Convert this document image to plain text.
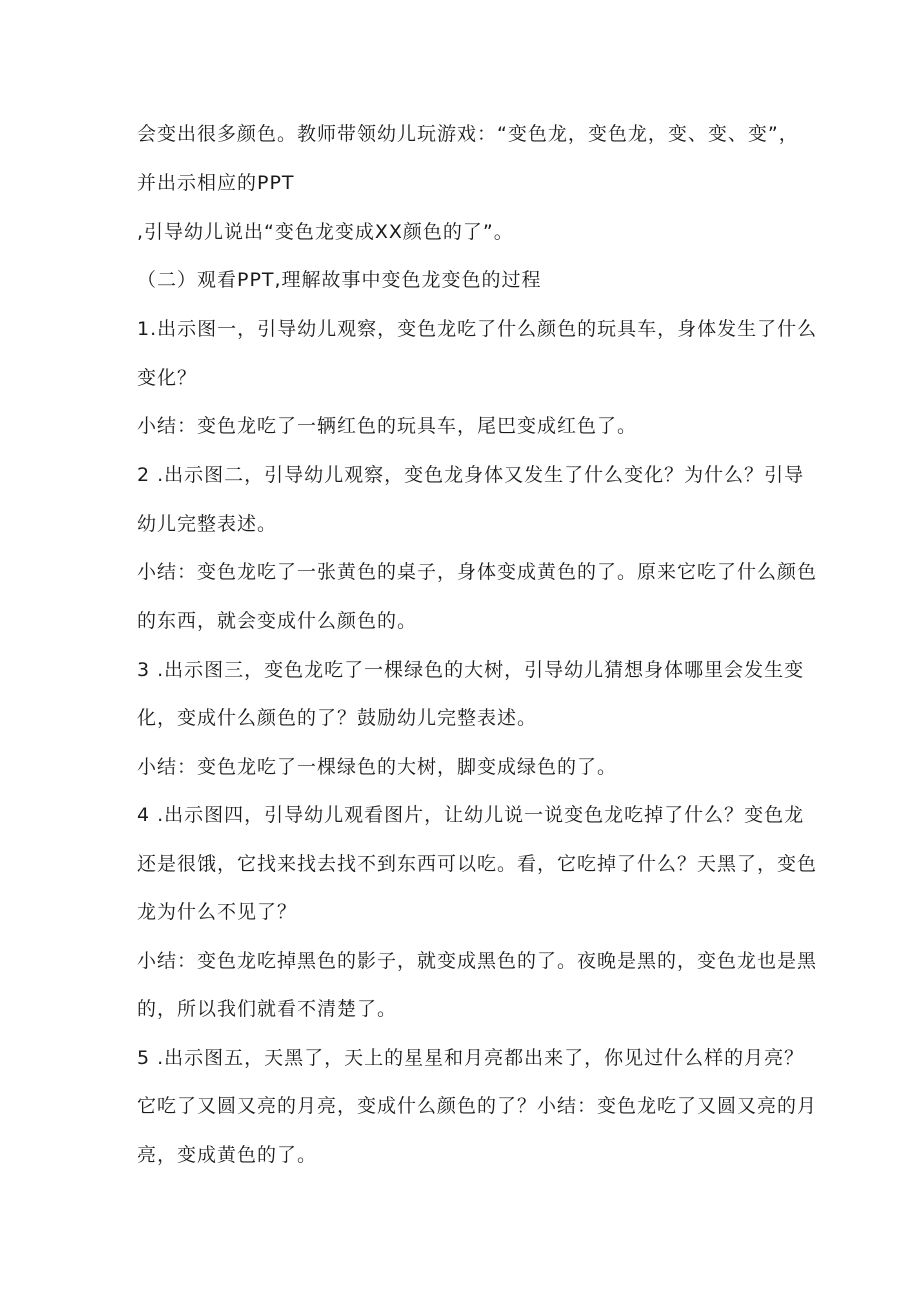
会变出很多颜色。教师带领幼儿玩游戏：“变色龙，变色龙，变、变、变”，
并出示相应的PPT
,引导幼儿说出“变色龙变成XX颜色的了”。
（二）观看PPT,理解故事中变色龙变色的过程
1.出示图一，引导幼儿观察，变色龙吃了什么颜色的玩具车，身体发生了什么
变化？
小结：变色龙吃了一辆红色的玩具车，尾巴变成红色了。
2 .出示图二，引导幼儿观察，变色龙身体又发生了什么变化？为什么？引导
幼儿完整表述。
小结：变色龙吃了一张黄色的桌子，身体变成黄色的了。原来它吃了什么颜色
的东西，就会变成什么颜色的。
3 .出示图三，变色龙吃了一棵绿色的大树，引导幼儿猜想身体哪里会发生变
化，变成什么颜色的了？鼓励幼儿完整表述。
小结：变色龙吃了一棵绿色的大树，脚变成绿色的了。
4 .出示图四，引导幼儿观看图片，让幼儿说一说变色龙吃掉了什么？变色龙
还是很饿，它找来找去找不到东西可以吃。看，它吃掉了什么？天黑了，变色
龙为什么不见了？
小结：变色龙吃掉黑色的影子，就变成黑色的了。夜晚是黑的，变色龙也是黑
的，所以我们就看不清楚了。
5 .出示图五，天黑了，天上的星星和月亮都出来了，你见过什么样的月亮？
它吃了又圆又亮的月亮，变成什么颜色的了？小结：变色龙吃了又圆又亮的月
亮，变成黄色的了。
